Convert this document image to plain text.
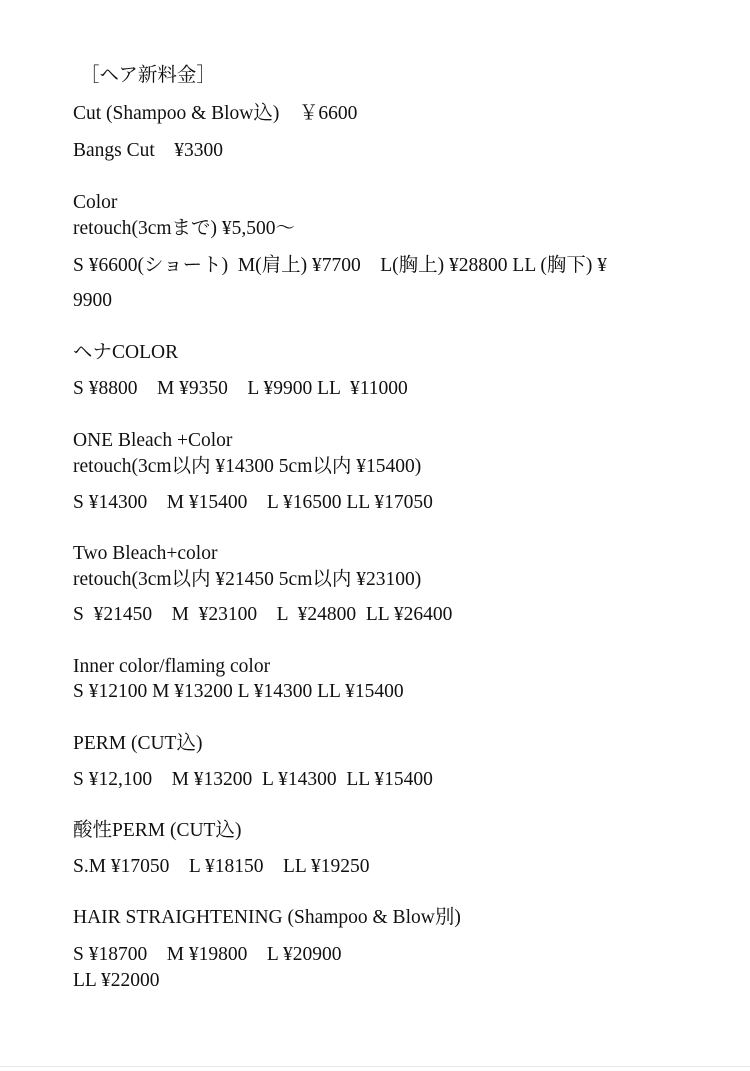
［ヘア新料金］
Cut (Shampoo & Blow込)　￥6600
Bangs Cut　¥3300
Color
retouch(3cmまで) ¥5,500〜
S ¥6600(ショート)  M(肩上) ¥7700　L(胸上) ¥28800 LL (胸下) ¥
9900
ヘナCOLOR
S ¥8800　M ¥9350　L ¥9900 LL  ¥11000
ONE Bleach +Color
retouch(3cm以内 ¥14300 5cm以内 ¥15400)
S ¥14300　M ¥15400　L ¥16500 LL ¥17050
Two Bleach+color
retouch(3cm以内 ¥21450 5cm以内 ¥23100)
S  ¥21450　M  ¥23100　L  ¥24800  LL ¥26400
Inner color/flaming color
S ¥12100 M ¥13200 L ¥14300 LL ¥15400
PERM (CUT込)
S ¥12,100　M ¥13200  L ¥14300  LL ¥15400
酸性PERM (CUT込)
S.M ¥17050　L ¥18150　LL ¥19250
HAIR STRAIGHTENING (Shampoo & Blow別)
S ¥18700　M ¥19800　L ¥20900
LL ¥22000
